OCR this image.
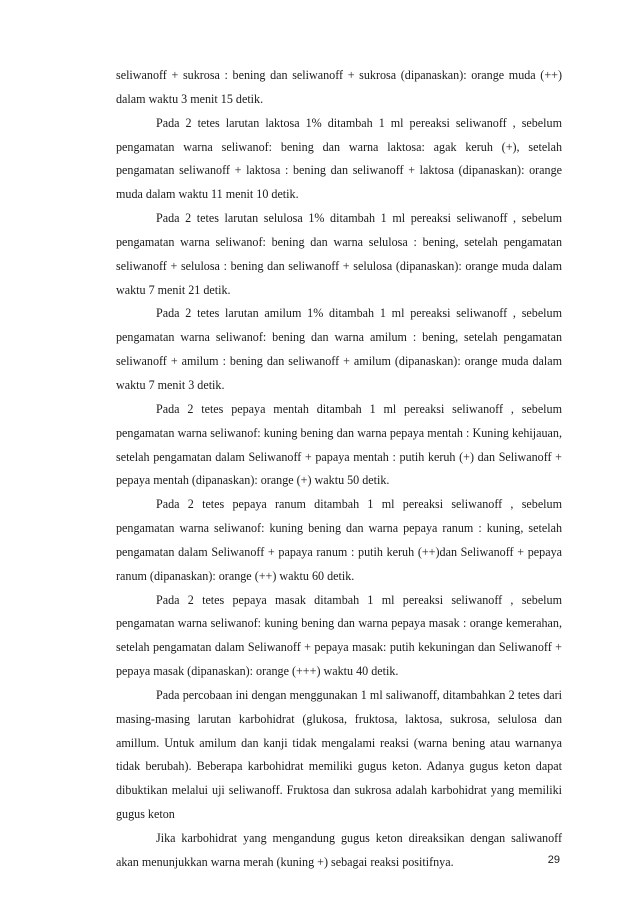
seliwanoff + sukrosa : bening dan seliwanoff + sukrosa (dipanaskan): orange muda (++) dalam waktu 3 menit 15 detik.

Pada 2 tetes larutan laktosa 1% ditambah 1 ml pereaksi seliwanoff , sebelum pengamatan warna seliwanof: bening dan warna laktosa: agak keruh (+), setelah pengamatan seliwanoff + laktosa : bening dan seliwanoff + laktosa (dipanaskan): orange muda dalam waktu 11 menit 10 detik.

Pada 2 tetes larutan selulosa 1% ditambah 1 ml pereaksi seliwanoff , sebelum pengamatan warna seliwanof: bening dan warna selulosa : bening, setelah pengamatan seliwanoff + selulosa : bening dan seliwanoff + selulosa (dipanaskan): orange muda dalam waktu 7 menit 21 detik.

Pada 2 tetes larutan amilum 1% ditambah 1 ml pereaksi seliwanoff , sebelum pengamatan warna seliwanof: bening dan warna amilum : bening, setelah pengamatan seliwanoff + amilum : bening dan seliwanoff + amilum (dipanaskan): orange muda dalam waktu 7 menit 3 detik.

Pada 2 tetes pepaya mentah ditambah 1 ml pereaksi seliwanoff , sebelum pengamatan warna seliwanof: kuning bening dan warna pepaya mentah : Kuning kehijauan, setelah pengamatan dalam Seliwanoff + papaya mentah : putih keruh (+) dan Seliwanoff + pepaya mentah (dipanaskan): orange (+) waktu 50 detik.

Pada 2 tetes pepaya ranum ditambah 1 ml pereaksi seliwanoff , sebelum pengamatan warna seliwanof: kuning bening dan warna pepaya ranum : kuning, setelah pengamatan dalam Seliwanoff + papaya ranum : putih keruh (++)dan Seliwanoff + pepaya ranum (dipanaskan): orange (++) waktu 60 detik.

Pada 2 tetes pepaya masak ditambah 1 ml pereaksi seliwanoff , sebelum pengamatan warna seliwanof: kuning bening dan warna pepaya masak : orange kemerahan, setelah pengamatan dalam Seliwanoff + pepaya masak: putih kekuningan dan Seliwanoff + pepaya masak (dipanaskan): orange (+++) waktu 40 detik.

Pada percobaan ini dengan menggunakan 1 ml saliwanoff, ditambahkan 2 tetes dari masing-masing larutan karbohidrat (glukosa, fruktosa, laktosa, sukrosa, selulosa dan amillum. Untuk amilum dan kanji tidak mengalami reaksi (warna bening atau warnanya tidak berubah). Beberapa karbohidrat memiliki gugus keton. Adanya gugus keton dapat dibuktikan melalui uji seliwanoff. Fruktosa dan sukrosa adalah karbohidrat yang memiliki gugus keton

Jika karbohidrat yang mengandung gugus keton direaksikan dengan saliwanoff akan menunjukkan warna merah (kuning +) sebagai reaksi positifnya.	29
